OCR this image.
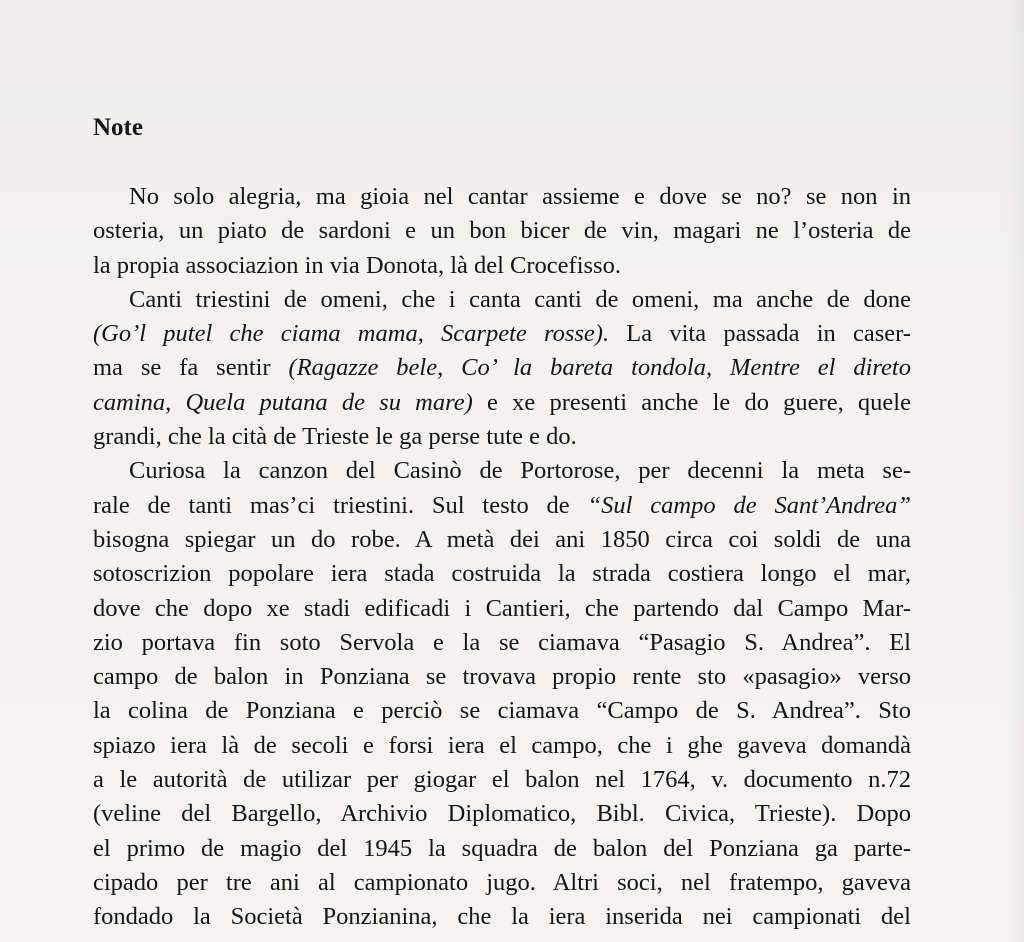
Note
No solo alegria, ma gioia nel cantar assieme e dove se no? se non in
osteria, un piato de sardoni e un bon bicer de vin, magari ne l’osteria de
la propia associazion in via Donota, là del Crocefisso.
Canti triestini de omeni, che i canta canti de omeni, ma anche de done
(Go’l putel che ciama mama, Scarpete rosse). La vita passada in caser-
ma se fa sentir (Ragazze bele, Co’ la bareta tondola, Mentre el direto
camina, Quela putana de su mare) e xe presenti anche le do guere, quele
grandi, che la cità de Trieste le ga perse tute e do.
Curiosa la canzon del Casinò de Portorose, per decenni la meta se-
rale de tanti mas’ci triestini. Sul testo de “Sul campo de Sant’Andrea”
bisogna spiegar un do robe. A metà dei ani 1850 circa coi soldi de una
sotoscrizion popolare iera stada costruida la strada costiera longo el mar,
dove che dopo xe stadi edificadi i Cantieri, che partendo dal Campo Mar-
zio portava fin soto Servola e la se ciamava “Pasagio S. Andrea”. El
campo de balon in Ponziana se trovava propio rente sto «pasagio» verso
la colina de Ponziana e perciò se ciamava “Campo de S. Andrea”. Sto
spiazo iera là de secoli e forsi iera el campo, che i ghe gaveva domandà
a le autorità de utilizar per giogar el balon nel 1764, v. documento n.72
(veline del Bargello, Archivio Diplomatico, Bibl. Civica, Trieste). Dopo
el primo de magio del 1945 la squadra de balon del Ponziana ga parte-
cipado per tre ani al campionato jugo. Altri soci, nel fratempo, gaveva
fondado la Società Ponzianina, che la iera inserida nei campionati del
